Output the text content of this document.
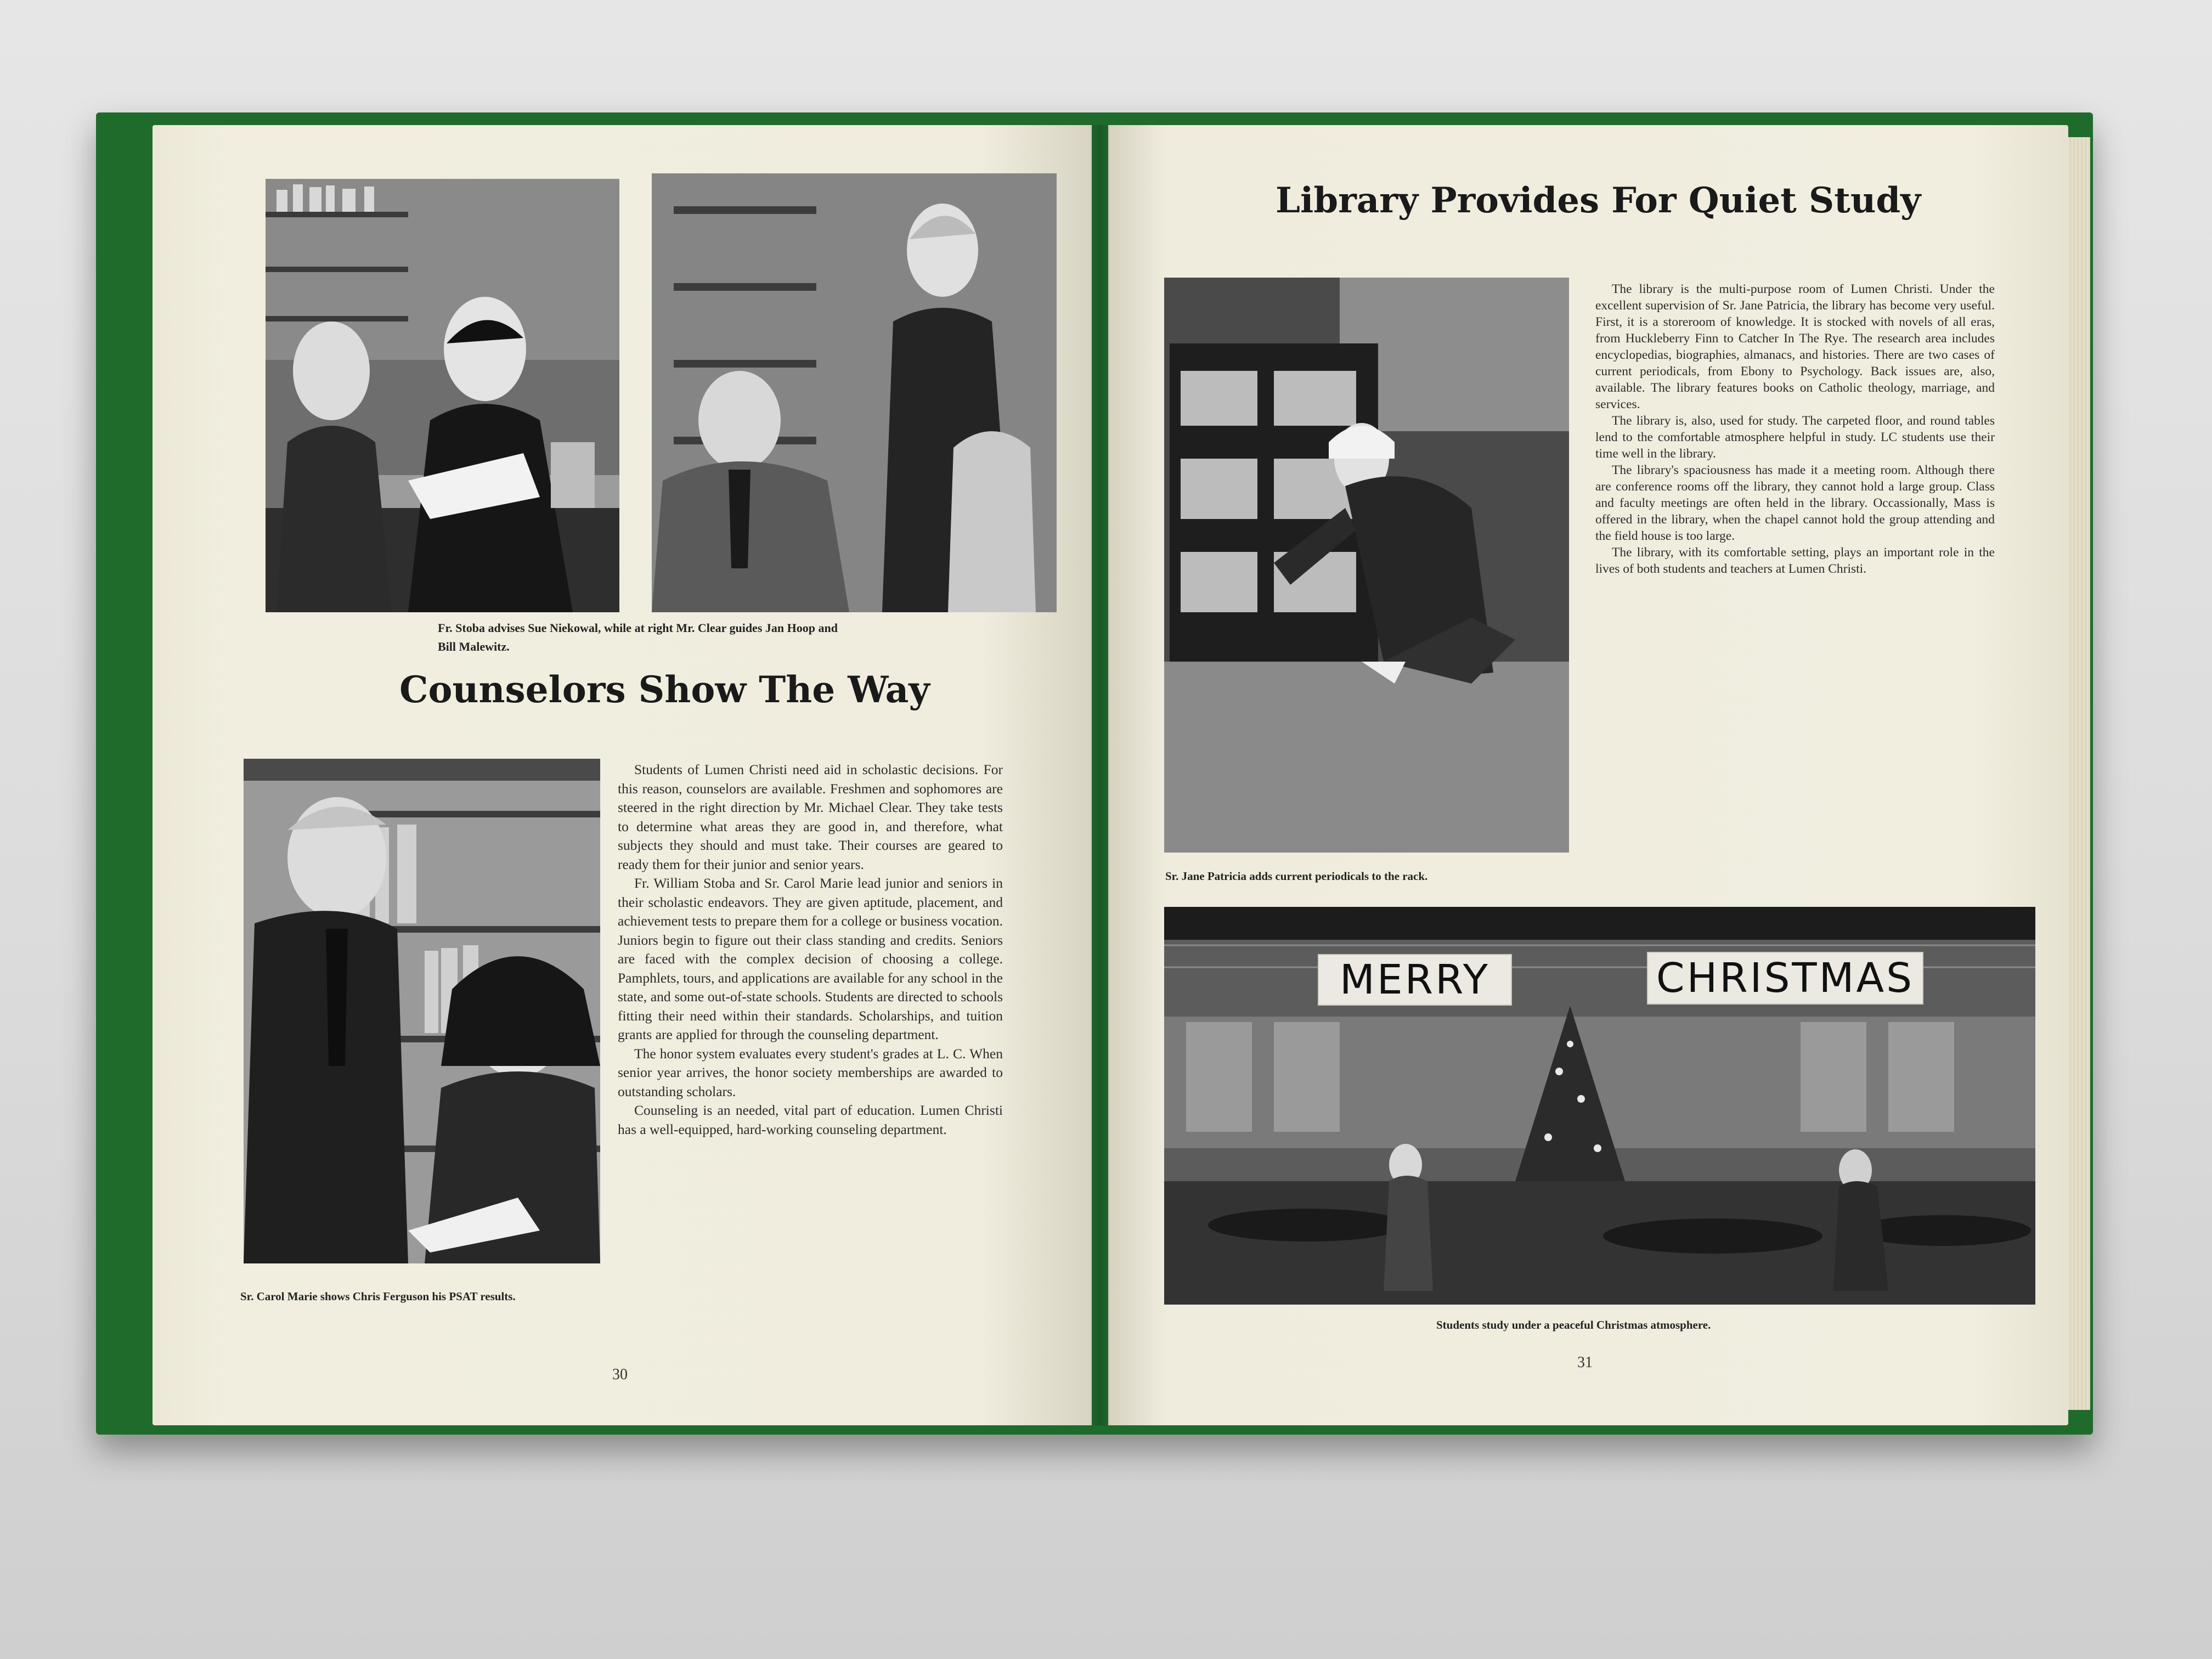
Fr. Stoba advises Sue Niekowal, while at right Mr. Clear guides Jan Hoop and Bill Malewitz.
Counselors Show The Way
Sr. Carol Marie shows Chris Ferguson his PSAT results.

Students of Lumen Christi need aid in scholastic decisions. For this reason, counselors are available. Freshmen and sophomores are steered in the right direction by Mr. Michael Clear. They take tests to determine what areas they are good in, and therefore, what subjects they should and must take. Their courses are geared to ready them for their junior and senior years.

Fr. William Stoba and Sr. Carol Marie lead junior and seniors in their scholastic endeavors. They are given aptitude, placement, and achievement tests to prepare them for a college or business vocation. Juniors begin to figure out their class standing and credits. Seniors are faced with the complex decision of choosing a college. Pamphlets, tours, and applications are available for any school in the state, and some out-of-state schools. Students are directed to schools fitting their need within their standards. Scholarships, and tuition grants are applied for through the counseling department.

The honor system evaluates every student's grades at L. C. When senior year arrives, the honor society memberships are awarded to outstanding scholars.

Counseling is an needed, vital part of education. Lumen Christi has a well-equipped, hard-working counseling department.

30
Library Provides For Quiet Study
Sr. Jane Patricia adds current periodicals to the rack.

The library is the multi-purpose room of Lumen Christi. Under the excellent supervision of Sr. Jane Patricia, the library has become very useful. First, it is a storeroom of knowledge. It is stocked with novels of all eras, from Huckleberry Finn to Catcher In The Rye. The research area includes encyclopedias, biographies, almanacs, and histories. There are two cases of current periodicals, from Ebony to Psychology. Back issues are, also, available. The library features books on Catholic theology, marriage, and services.

The library is, also, used for study. The carpeted floor, and round tables lend to the comfortable atmosphere helpful in study. LC students use their time well in the library.

The library's spaciousness has made it a meeting room. Although there are conference rooms off the library, they cannot hold a large group. Class and faculty meetings are often held in the library. Occassionally, Mass is offered in the library, when the chapel cannot hold the group attending and the field house is too large.

The library, with its comfortable setting, plays an important role in the lives of both students and teachers at Lumen Christi.

MERRY	CHRISTMAS
Students study under a peaceful Christmas atmosphere.
31
